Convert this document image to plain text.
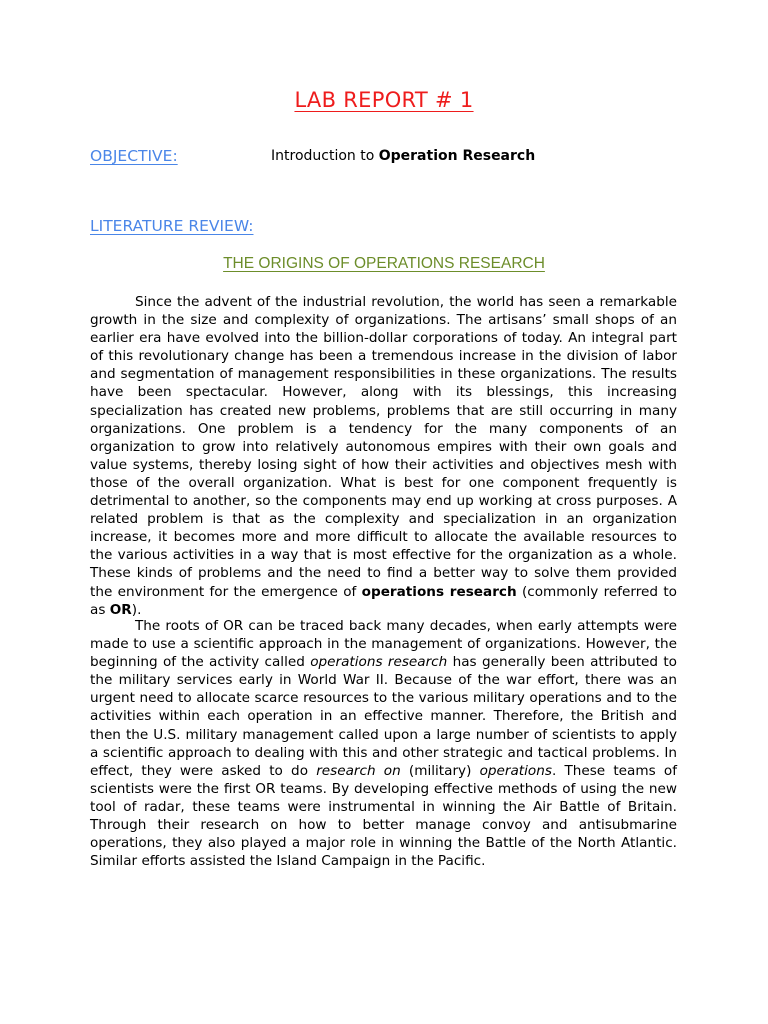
LAB REPORT # 1
OBJECTIVE:	Introduction to Operation Research
LITERATURE REVIEW:
THE ORIGINS OF OPERATIONS RESEARCH

Since the advent of the industrial revolution, the world has seen a remarkable growth in the size and complexity of organizations. The artisans’ small shops of an earlier era have evolved into the billion-dollar corporations of today. An integral part of this revolutionary change has been a tremendous increase in the division of labor and segmentation of management responsibilities in these organizations. The results have been spectacular. However, along with its blessings, this increasing specialization has created new problems, problems that are still occurring in many organizations. One problem is a tendency for the many components of an organization to grow into relatively autonomous empires with their own goals and value systems, thereby losing sight of how their activities and objectives mesh with those of the overall organization. What is best for one component frequently is detrimental to another, so the components may end up working at cross purposes. A related problem is that as the complexity and specialization in an organization increase, it becomes more and more difficult to allocate the available resources to the various activities in a way that is most effective for the organization as a whole. These kinds of problems and the need to find a better way to solve them provided the environment for the emergence of operations research (commonly referred to as OR).

The roots of OR can be traced back many decades, when early attempts were made to use a scientific approach in the management of organizations. However, the beginning of the activity called operations research has generally been attributed to the military services early in World War II. Because of the war effort, there was an urgent need to allocate scarce resources to the various military operations and to the activities within each operation in an effective manner. Therefore, the British and then the U.S. military management called upon a large number of scientists to apply a scientific approach to dealing with this and other strategic and tactical problems. In effect, they were asked to do research on (military) operations. These teams of scientists were the first OR teams. By developing effective methods of using the new tool of radar, these teams were instrumental in winning the Air Battle of Britain. Through their research on how to better manage convoy and antisubmarine operations, they also played a major role in winning the Battle of the North Atlantic. Similar efforts assisted the Island Campaign in the Pacific.
